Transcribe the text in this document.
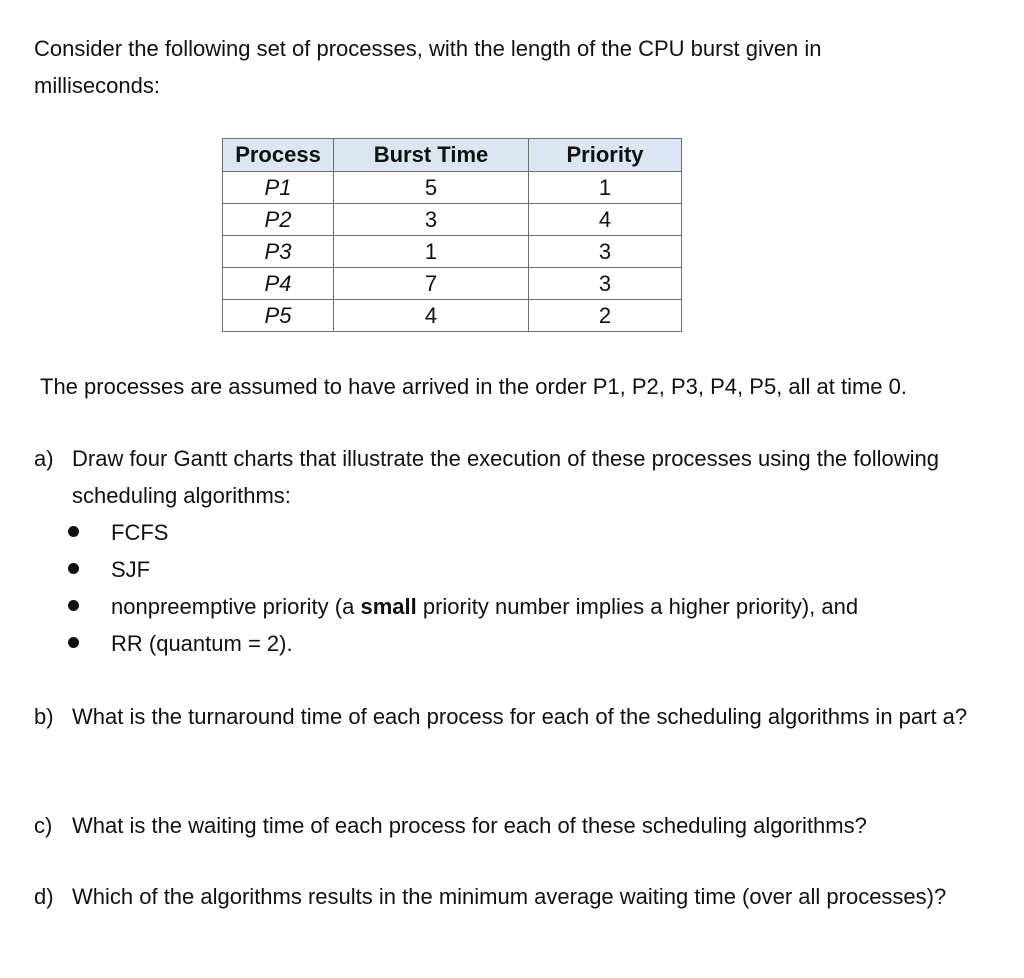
Consider the following set of processes, with the length of the CPU burst given in milliseconds:

Process	Burst Time	Priority
P1	5	1
P2	3	4
P3	1	3
P4	7	3
P5	4	2

The processes are assumed to have arrived in the order P1, P2, P3, P4, P5, all at time 0.

a) Draw four Gantt charts that illustrate the execution of these processes using the following scheduling algorithms:
FCFS
SJF
nonpreemptive priority (a small priority number implies a higher priority), and
RR (quantum = 2).
b) What is the turnaround time of each process for each of the scheduling algorithms in part a?
c) What is the waiting time of each process for each of these scheduling algorithms?
d) Which of the algorithms results in the minimum average waiting time (over all processes)?
